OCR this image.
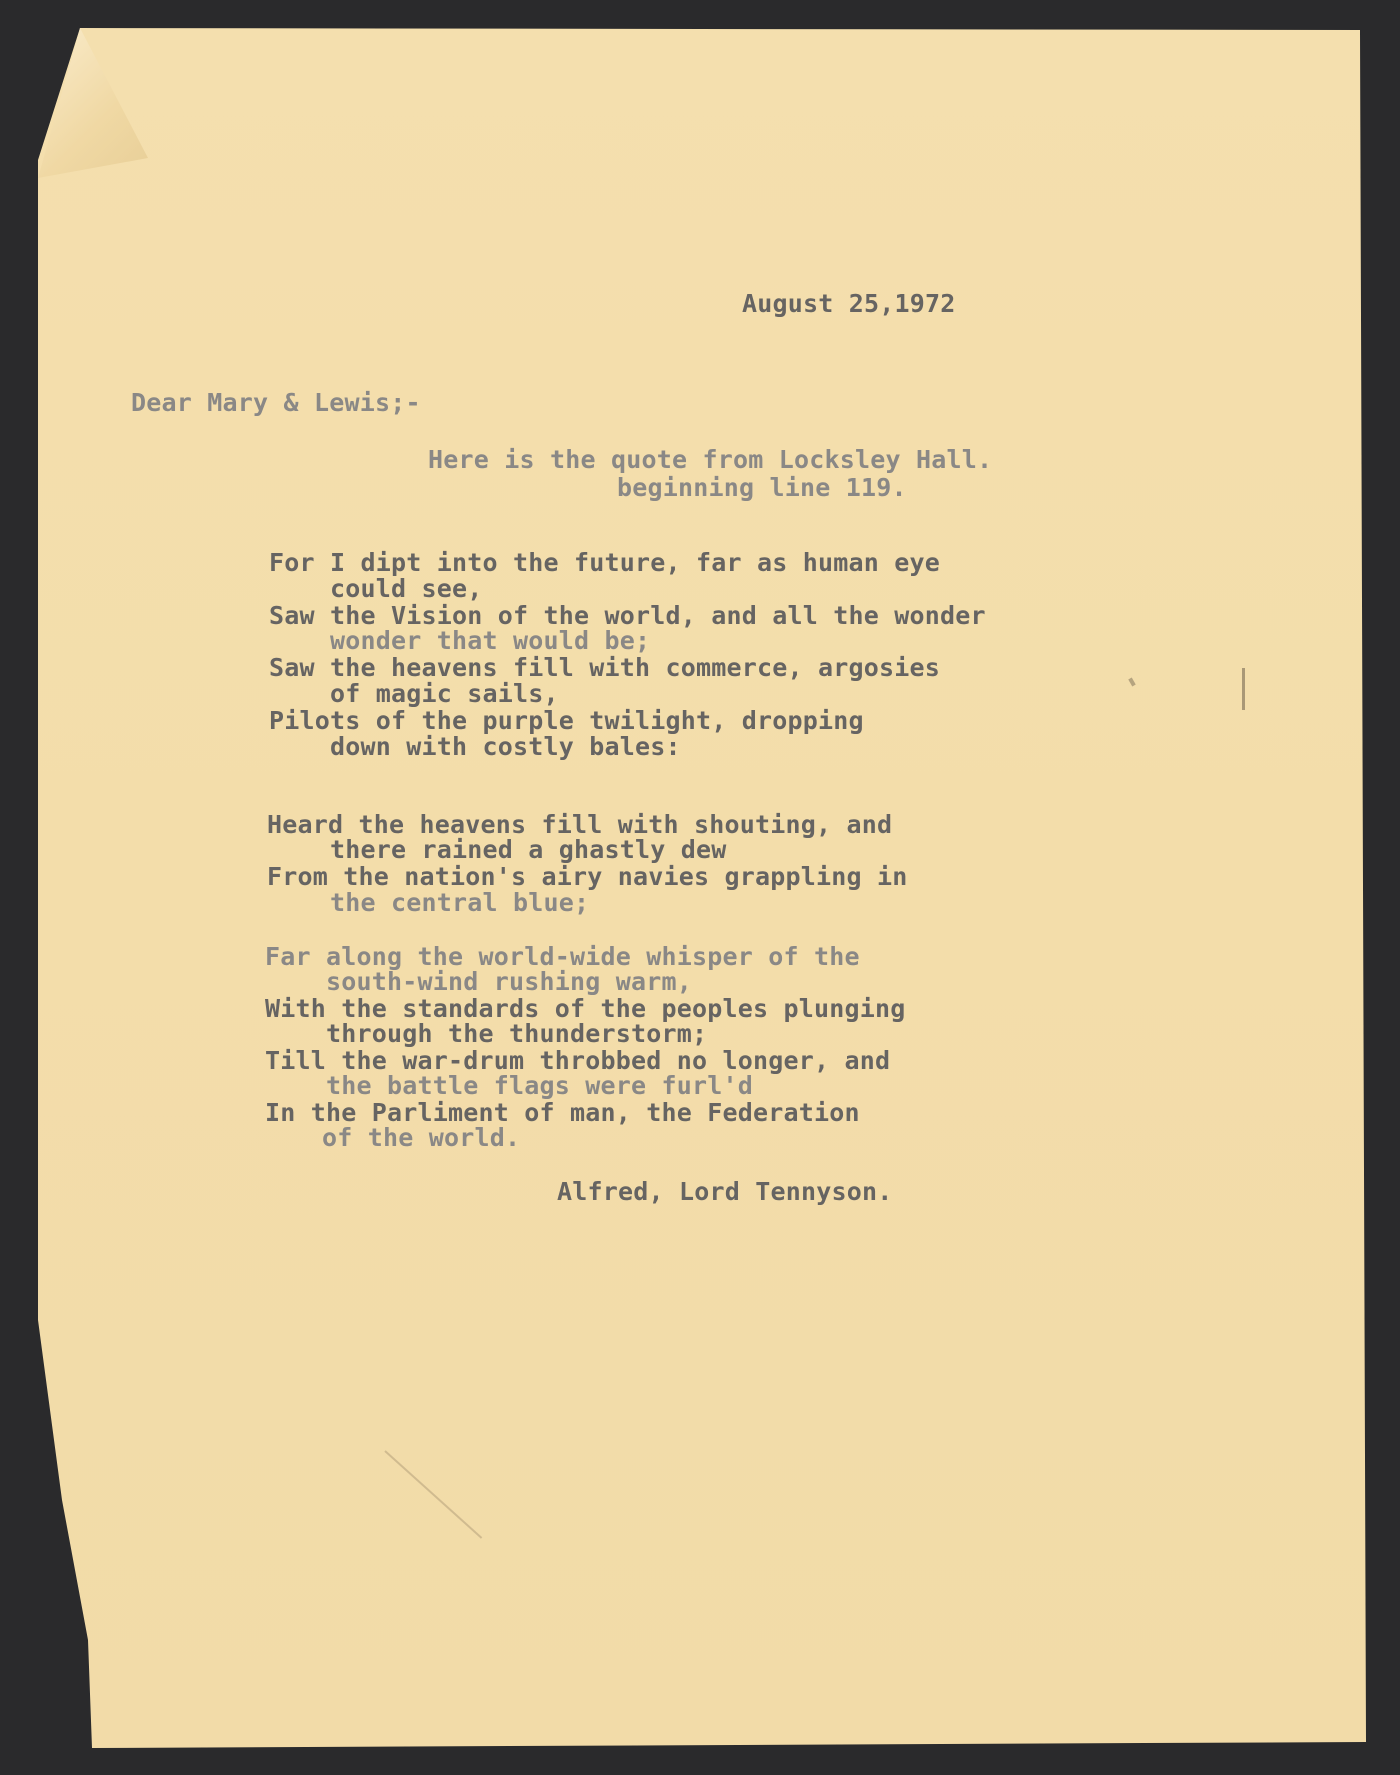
August 25,1972

Dear Mary & Lewis;-

Here is the quote from Locksley Hall.

beginning line 119.

For I dipt into the future, far as human eye

could see,

Saw the Vision of the world, and all the wonder

wonder that would be;

Saw the heavens fill with commerce, argosies

of magic sails,

Pilots of the purple twilight, dropping

down with costly bales:

Heard the heavens fill with shouting, and

there rained a ghastly dew

From the nation's airy navies grappling in

the central blue;

Far along the world-wide whisper of the

south-wind rushing warm,

With the standards of the peoples plunging

through the thunderstorm;

Till the war-drum throbbed no longer, and

the battle flags were furl'd

In the Parliment of man, the Federation

of the world.

Alfred, Lord Tennyson.
